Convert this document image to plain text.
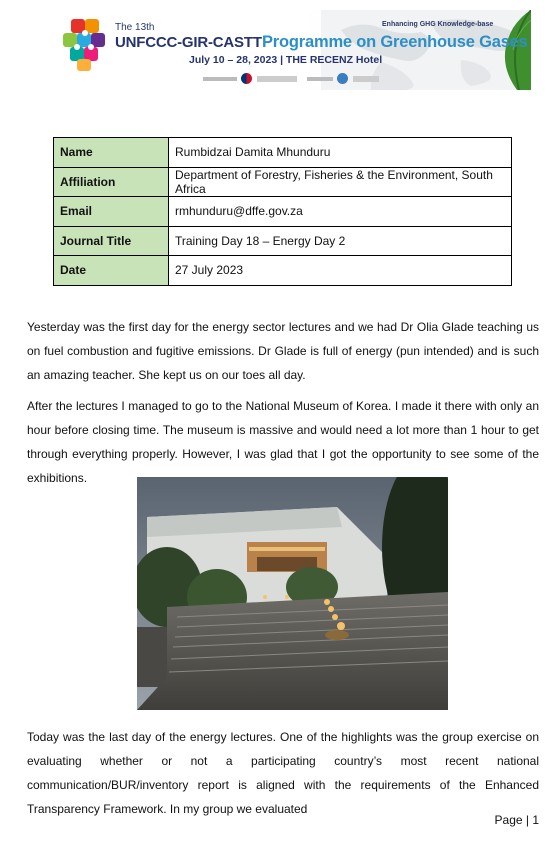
The 13th
UNFCCC-GIR-CASTT Programme on Greenhouse Gases
July 10 – 28, 2023 | THE RECENZ Hotel
Enhancing GHG Knowledge-base
Name	Rumbidzai Damita Mhunduru
Affiliation	Department of Forestry, Fisheries & the Environment, South Africa
Email	rmhunduru@dffe.gov.za
Journal Title	Training Day 18 – Energy Day 2
Date	27 July 2023

Yesterday was the first day for the energy sector lectures and we had Dr Olia Glade teaching us on fuel combustion and fugitive emissions. Dr Glade is full of energy (pun intended) and is such an amazing teacher. She kept us on our toes all day.

After the lectures I managed to go to the National Museum of Korea. I made it there with only an hour before closing time. The museum is massive and would need a lot more than 1 hour to get through everything properly. However, I was glad that I got the opportunity to see some of the exhibitions.

Today was the last day of the energy lectures. One of the highlights was the group exercise on evaluating whether or not a participating country’s most recent national communication/BUR/inventory report is aligned with the requirements of the Enhanced Transparency Framework. In my group we evaluated

Page | 1
